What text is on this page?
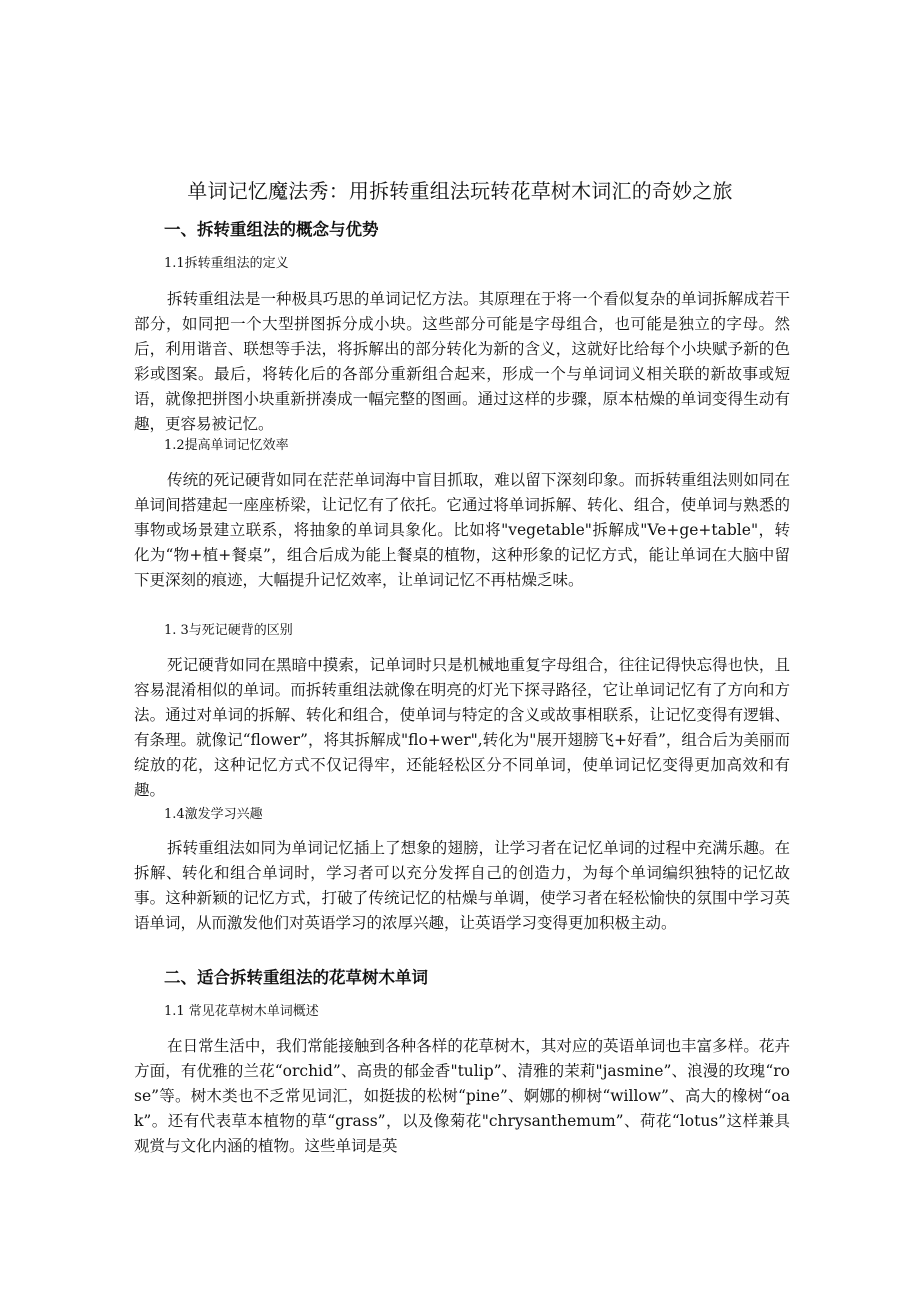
单词记忆魔法秀：用拆转重组法玩转花草树木词汇的奇妙之旅
一、拆转重组法的概念与优势
1.1拆转重组法的定义

拆转重组法是一种极具巧思的单词记忆方法。其原理在于将一个看似复杂的单词拆解成若干部分，如同把一个大型拼图拆分成小块。这些部分可能是字母组合，也可能是独立的字母。然后，利用谐音、联想等手法，将拆解出的部分转化为新的含义，这就好比给每个小块赋予新的色彩或图案。最后，将转化后的各部分重新组合起来，形成一个与单词词义相关联的新故事或短语，就像把拼图小块重新拼凑成一幅完整的图画。通过这样的步骤，原本枯燥的单词变得生动有趣，更容易被记忆。

1.2提高单词记忆效率

传统的死记硬背如同在茫茫单词海中盲目抓取，难以留下深刻印象。而拆转重组法则如同在单词间搭建起一座座桥梁，让记忆有了依托。它通过将单词拆解、转化、组合，使单词与熟悉的事物或场景建立联系，将抽象的单词具象化。比如将"vegetable"拆解成"Ve+ge+table"，转化为“物+植+餐桌”，组合后成为能上餐桌的植物，这种形象的记忆方式，能让单词在大脑中留下更深刻的痕迹，大幅提升记忆效率，让单词记忆不再枯燥乏味。

1. 3与死记硬背的区别

死记硬背如同在黑暗中摸索，记单词时只是机械地重复字母组合，往往记得快忘得也快，且容易混淆相似的单词。而拆转重组法就像在明亮的灯光下探寻路径，它让单词记忆有了方向和方法。通过对单词的拆解、转化和组合，使单词与特定的含义或故事相联系，让记忆变得有逻辑、有条理。就像记“flower”，将其拆解成"flo+wer",转化为"展开翅膀飞+好看”，组合后为美丽而绽放的花，这种记忆方式不仅记得牢，还能轻松区分不同单词，使单词记忆变得更加高效和有趣。

1.4激发学习兴趣

拆转重组法如同为单词记忆插上了想象的翅膀，让学习者在记忆单词的过程中充满乐趣。在拆解、转化和组合单词时，学习者可以充分发挥自己的创造力，为每个单词编织独特的记忆故事。这种新颖的记忆方式，打破了传统记忆的枯燥与单调，使学习者在轻松愉快的氛围中学习英语单词，从而激发他们对英语学习的浓厚兴趣，让英语学习变得更加积极主动。

二、适合拆转重组法的花草树木单词
1.1 常见花草树木单词概述

在日常生活中，我们常能接触到各种各样的花草树木，其对应的英语单词也丰富多样。花卉方面，有优雅的兰花“orchid”、高贵的郁金香"tulip”、清雅的茉莉"jasmine”、浪漫的玫瑰“rose”等。树木类也不乏常见词汇，如挺拔的松树“pine”、婀娜的柳树“willow”、高大的橡树“oak”。还有代表草本植物的草“grass”，以及像菊花"chrysanthemum”、荷花“lotus”这样兼具观赏与文化内涵的植物。这些单词是英
